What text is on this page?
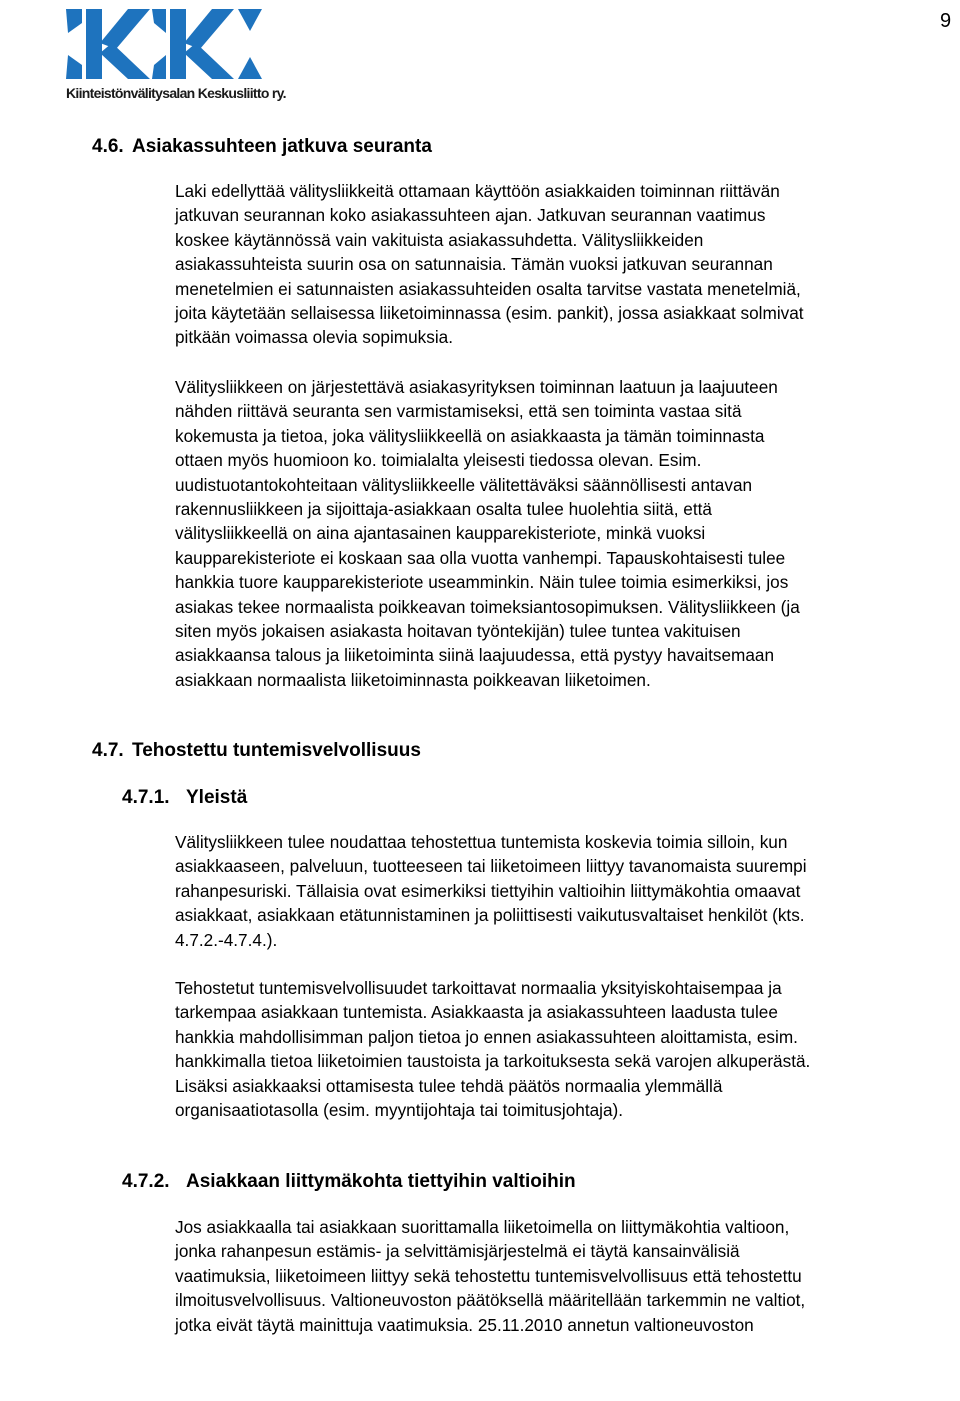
9
Kiinteistönvälitysalan Keskusliitto ry.
4.6. Asiakassuhteen jatkuva seuranta
Laki edellyttää välitysliikkeitä ottamaan käyttöön asiakkaiden toiminnan riittävän
jatkuvan seurannan koko asiakassuhteen ajan. Jatkuvan seurannan vaatimus
koskee käytännössä vain vakituista asiakassuhdetta. Välitysliikkeiden
asiakassuhteista suurin osa on satunnaisia. Tämän vuoksi jatkuvan seurannan
menetelmien ei satunnaisten asiakassuhteiden osalta tarvitse vastata menetelmiä,
joita käytetään sellaisessa liiketoiminnassa (esim. pankit), jossa asiakkaat solmivat
pitkään voimassa olevia sopimuksia.
Välitysliikkeen on järjestettävä asiakasyrityksen toiminnan laatuun ja laajuuteen
nähden riittävä seuranta sen varmistamiseksi, että sen toiminta vastaa sitä
kokemusta ja tietoa, joka välitysliikkeellä on asiakkaasta ja tämän toiminnasta
ottaen myös huomioon ko. toimialalta yleisesti tiedossa olevan. Esim.
uudistuotantokohteitaan välitysliikkeelle välitettäväksi säännöllisesti antavan
rakennusliikkeen ja sijoittaja-asiakkaan osalta tulee huolehtia siitä, että
välitysliikkeellä on aina ajantasainen kaupparekisteriote, minkä vuoksi
kaupparekisteriote ei koskaan saa olla vuotta vanhempi. Tapauskohtaisesti tulee
hankkia tuore kaupparekisteriote useamminkin. Näin tulee toimia esimerkiksi, jos
asiakas tekee normaalista poikkeavan toimeksiantosopimuksen. Välitysliikkeen (ja
siten myös jokaisen asiakasta hoitavan työntekijän) tulee tuntea vakituisen
asiakkaansa talous ja liiketoiminta siinä laajuudessa, että pystyy havaitsemaan
asiakkaan normaalista liiketoiminnasta poikkeavan liiketoimen.
4.7. Tehostettu tuntemisvelvollisuus
4.7.1. Yleistä
Välitysliikkeen tulee noudattaa tehostettua tuntemista koskevia toimia silloin, kun
asiakkaaseen, palveluun, tuotteeseen tai liiketoimeen liittyy tavanomaista suurempi
rahanpesuriski. Tällaisia ovat esimerkiksi tiettyihin valtioihin liittymäkohtia omaavat
asiakkaat, asiakkaan etätunnistaminen ja poliittisesti vaikutusvaltaiset henkilöt (kts.
4.7.2.-4.7.4.).
Tehostetut tuntemisvelvollisuudet tarkoittavat normaalia yksityiskohtaisempaa ja
tarkempaa asiakkaan tuntemista. Asiakkaasta ja asiakassuhteen laadusta tulee
hankkia mahdollisimman paljon tietoa jo ennen asiakassuhteen aloittamista, esim.
hankkimalla tietoa liiketoimien taustoista ja tarkoituksesta sekä varojen alkuperästä.
Lisäksi asiakkaaksi ottamisesta tulee tehdä päätös normaalia ylemmällä
organisaatiotasolla (esim. myyntijohtaja tai toimitusjohtaja).
4.7.2. Asiakkaan liittymäkohta tiettyihin valtioihin
Jos asiakkaalla tai asiakkaan suorittamalla liiketoimella on liittymäkohtia valtioon,
jonka rahanpesun estämis- ja selvittämisjärjestelmä ei täytä kansainvälisiä
vaatimuksia, liiketoimeen liittyy sekä tehostettu tuntemisvelvollisuus että tehostettu
ilmoitusvelvollisuus. Valtioneuvoston päätöksellä määritellään tarkemmin ne valtiot,
jotka eivät täytä mainittuja vaatimuksia. 25.11.2010 annetun valtioneuvoston
